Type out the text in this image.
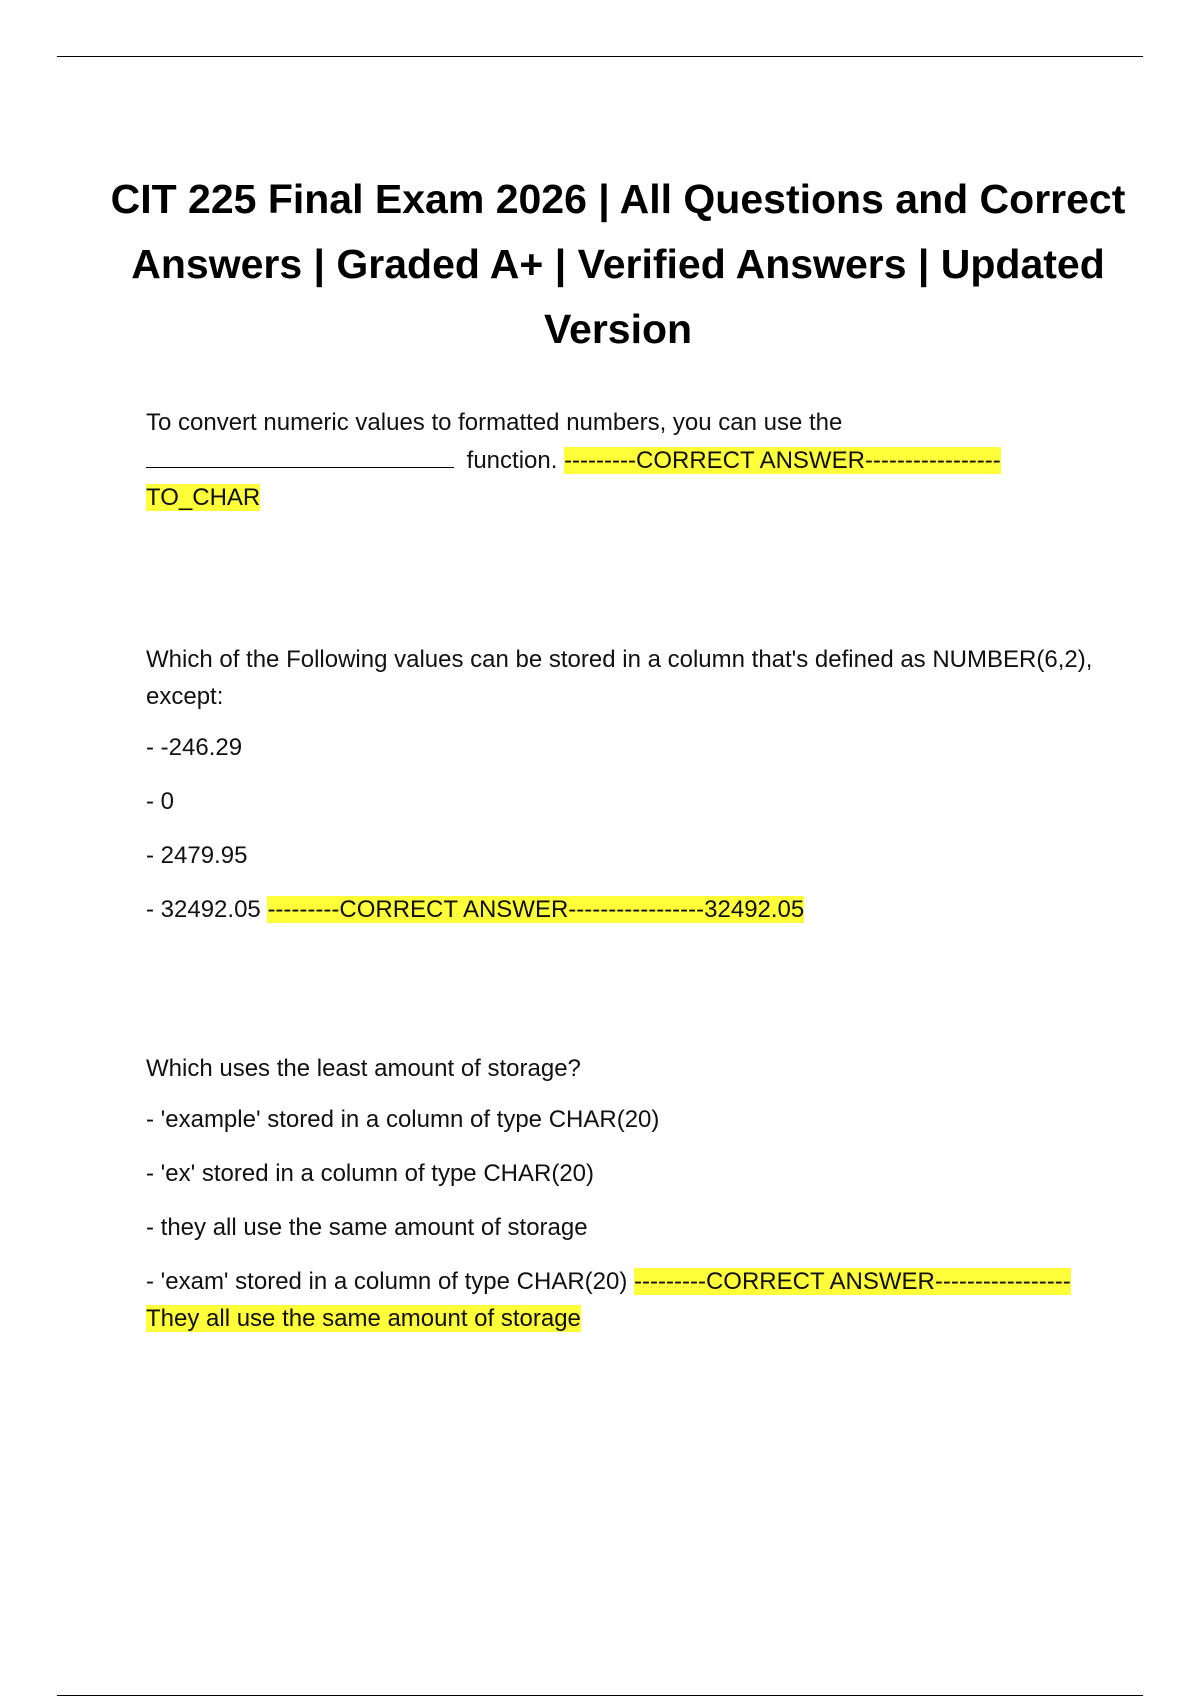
CIT 225 Final Exam 2026 | All Questions and Correct Answers | Graded A+ | Verified Answers | Updated Version

To convert numeric values to formatted numbers, you can use the
function. ---------CORRECT ANSWER-----------------TO_CHAR

Which of the Following values can be stored in a column that's defined as NUMBER(6,2), except:

- -246.29

- 0

- 2479.95

- 32492.05 ---------CORRECT ANSWER-----------------32492.05

Which uses the least amount of storage?

- 'example' stored in a column of type CHAR(20)

- 'ex' stored in a column of type CHAR(20)

- they all use the same amount of storage

- 'exam' stored in a column of type CHAR(20) ---------CORRECT ANSWER-----------------They all use the same amount of storage
